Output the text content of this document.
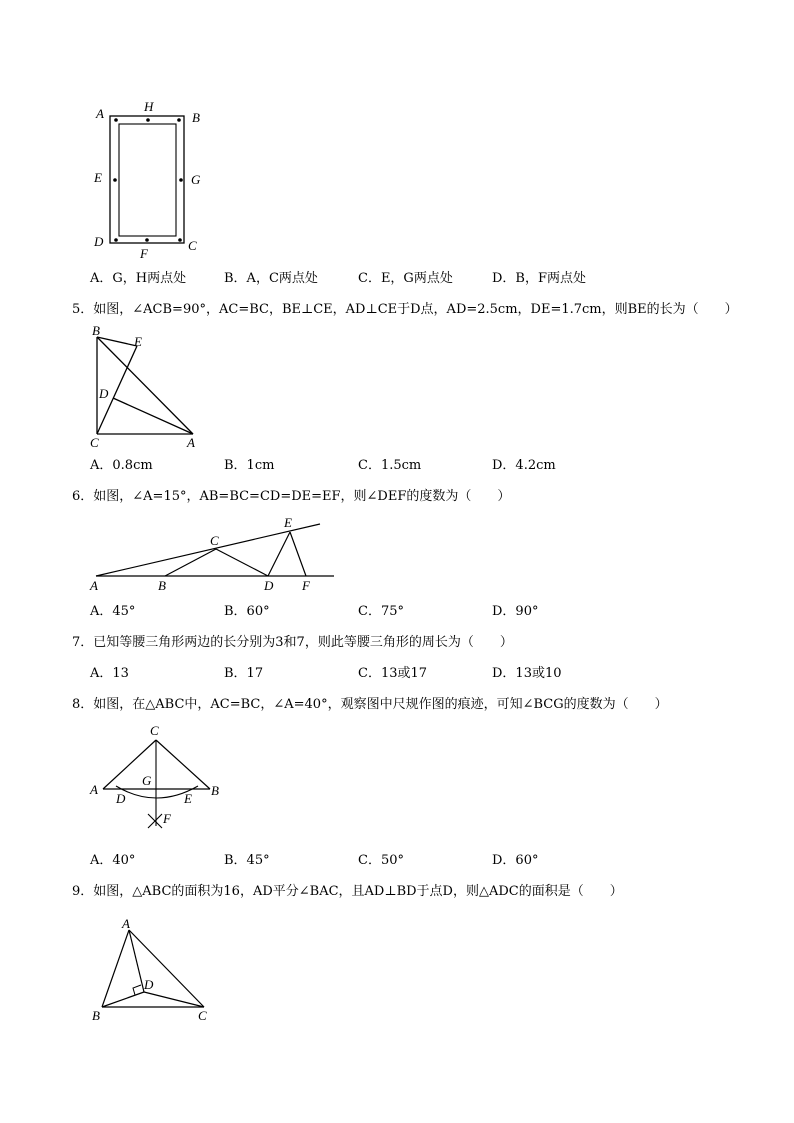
A	H
B
E	G
D
F
C
A．G，H两点处	B．A，C两点处	C．E，G两点处	D．B，F两点处
5．如图，∠ACB=90°，AC=BC，BE⊥CE，AD⊥CE于D点，AD=2.5cm，DE=1.7cm，则BE的长为（　　）
B
E
D
C	A
A．0.8cm	B．1cm	C．1.5cm	D．4.2cm
6．如图，∠A=15°，AB=BC=CD=DE=EF，则∠DEF的度数为（　　）
A	B
C
D
E
F
A．45°	B．60°	C．75°	D．90°
7．已知等腰三角形两边的长分别为3和7，则此等腰三角形的周长为（　　）
A．13	B．17	C．13或17	D．13或10
8．如图，在△ABC中，AC=BC，∠A=40°，观察图中尺规作图的痕迹，可知∠BCG的度数为（　　）
C
G
A
D	E
B
F
A．40°	B．45°	C．50°	D．60°
9．如图，△ABC的面积为16，AD平分∠BAC，且AD⊥BD于点D，则△ADC的面积是（　　）
A
D
B	C
